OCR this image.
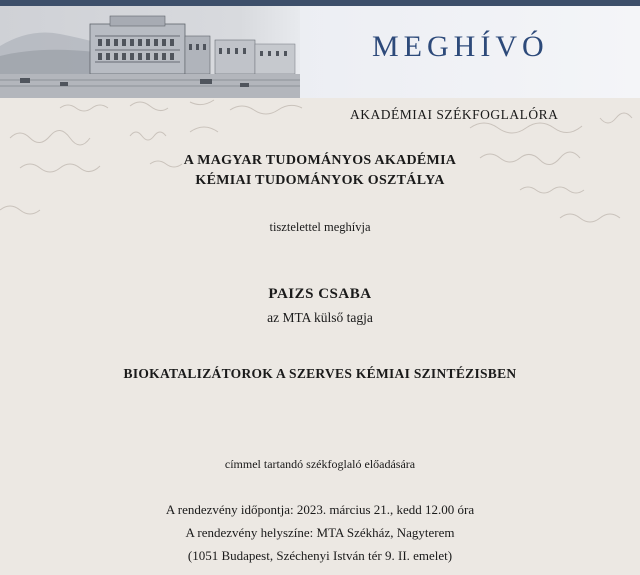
MEGHÍVÓ
AKADÉMIAI SZÉKFOGLALÓRA
A MAGYAR TUDOMÁNYOS AKADÉMIA
KÉMIAI TUDOMÁNYOK OSZTÁLYA
tisztelettel meghívja
PAIZS CSABA
az MTA külső tagja
BIOKATALIZÁTOROK A SZERVES KÉMIAI SZINTÉZISBEN
címmel tartandó székfoglaló előadására
A rendezvény időpontja: 2023. március 21., kedd 12.00 óra
A rendezvény helyszíne: MTA Székház, Nagyterem
(1051 Budapest, Széchenyi István tér 9. II. emelet)
